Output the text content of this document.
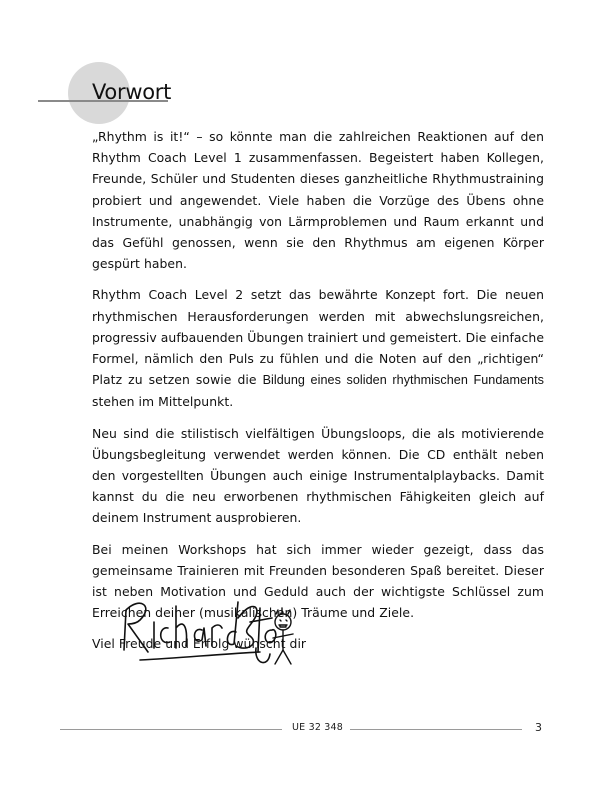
Vorwort

„Rhythm is it!“ – so könnte man die zahlreichen Reaktionen auf den Rhythm Coach Level 1 zusammenfassen. Begeistert haben Kollegen, Freunde, Schüler und Studenten dieses ganzheitliche Rhythmustraining probiert und angewendet. Viele haben die Vorzüge des Übens ohne Instrumente, unabhängig von Lärmproblemen und Raum erkannt und das Gefühl genossen, wenn sie den Rhythmus am eigenen Körper gespürt haben.

Rhythm Coach Level 2 setzt das bewährte Konzept fort. Die neuen rhythmischen Herausforderungen werden mit abwechslungsreichen, progressiv aufbauenden Übungen trainiert und gemeistert. Die einfache Formel, nämlich den Puls zu fühlen und die Noten auf den „richtigen“ Platz zu setzen sowie die Bildung eines soliden rhythmischen Fundaments stehen im Mittelpunkt.

Neu sind die stilistisch vielfältigen Übungsloops, die als motivierende Übungsbegleitung verwendet werden können. Die CD enthält neben den vorgestellten Übungen auch einige Instrumentalplaybacks. Damit kannst du die neu erworbenen rhythmischen Fähigkeiten gleich auf deinem Instrument ausprobieren.

Bei meinen Workshops hat sich immer wieder gezeigt, dass das gemeinsame Trainieren mit Freunden besonderen Spaß bereitet. Dieser ist neben Motivation und Geduld auch der wichtigste Schlüssel zum Erreichen deiner (musikalischen) Träume und Ziele.

Viel Freude und Erfolg wünscht dir

UE 32 348	3
